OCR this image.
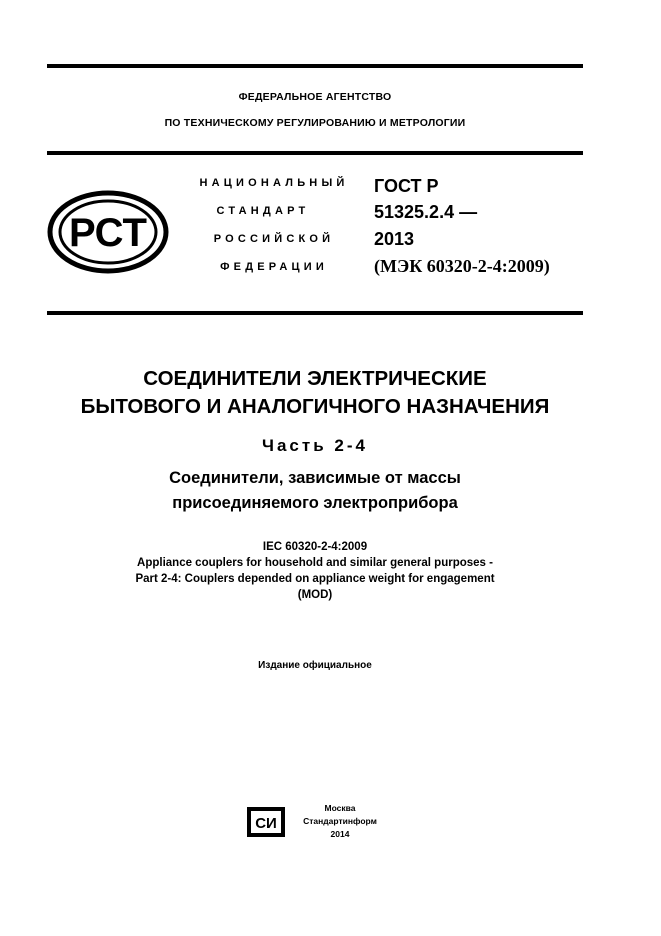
ФЕДЕРАЛЬНОЕ АГЕНТСТВО
ПО ТЕХНИЧЕСКОМУ РЕГУЛИРОВАНИЮ И МЕТРОЛОГИИ
РСТ
НАЦИОНАЛЬНЫЙ
СТАНДАРТ
РОССИЙСКОЙ
ФЕДЕРАЦИИ
ГОСТ Р
51325.2.4 —
2013
(МЭК 60320-2-4:2009)
СОЕДИНИТЕЛИ ЭЛЕКТРИЧЕСКИЕ
БЫТОВОГО И АНАЛОГИЧНОГО НАЗНАЧЕНИЯ
Часть 2-4
Соединители, зависимые от массы
присоединяемого электроприбора
IEC 60320-2-4:2009
Appliance couplers for household and similar general purposes -
Part 2-4: Couplers depended on appliance weight for engagement
(MOD)
Издание официальное
СИ
Москва
Стандартинформ
2014
